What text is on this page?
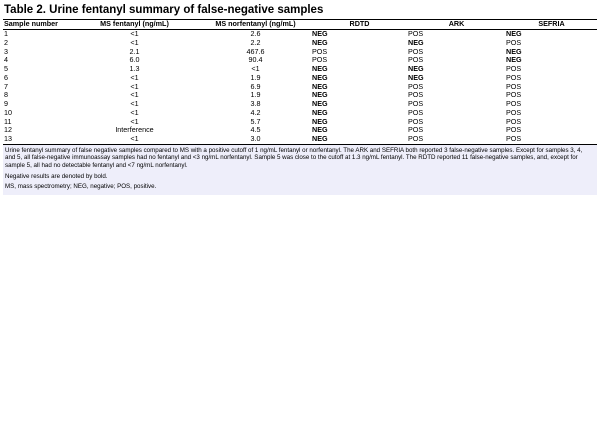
Table 2. Urine fentanyl summary of false-negative samples
Sample number	MS fentanyl (ng/mL)	MS norfentanyl (ng/mL)	RDTD	ARK	SEFRIA
1	<1	2.6	NEG	POS	NEG
2	<1	2.2	NEG	NEG	POS
3	2.1	467.6	POS	POS	NEG
4	6.0	90.4	POS	POS	NEG
5	1.3	<1	NEG	NEG	POS
6	<1	1.9	NEG	NEG	POS
7	<1	6.9	NEG	POS	POS
8	<1	1.9	NEG	POS	POS
9	<1	3.8	NEG	POS	POS
10	<1	4.2	NEG	POS	POS
11	<1	5.7	NEG	POS	POS
12	Interference	4.5	NEG	POS	POS
13	<1	3.0	NEG	POS	POS

Urine fentanyl summary of false negative samples compared to MS with a positive cutoff of 1 ng/mL fentanyl or norfentanyl. The ARK and SEFRIA both reported 3 false-negative samples. Except for samples 3, 4, and 5, all false-negative immunoassay samples had no fentanyl and <3 ng/mL norfentanyl. Sample 5 was close to the cutoff at 1.3 ng/mL fentanyl. The RDTD reported 11 false-negative samples, and, except for sample 5, all had no detectable fentanyl and <7 ng/mL norfentanyl.

Negative results are denoted by bold.

MS, mass spectrometry; NEG, negative; POS, positive.
